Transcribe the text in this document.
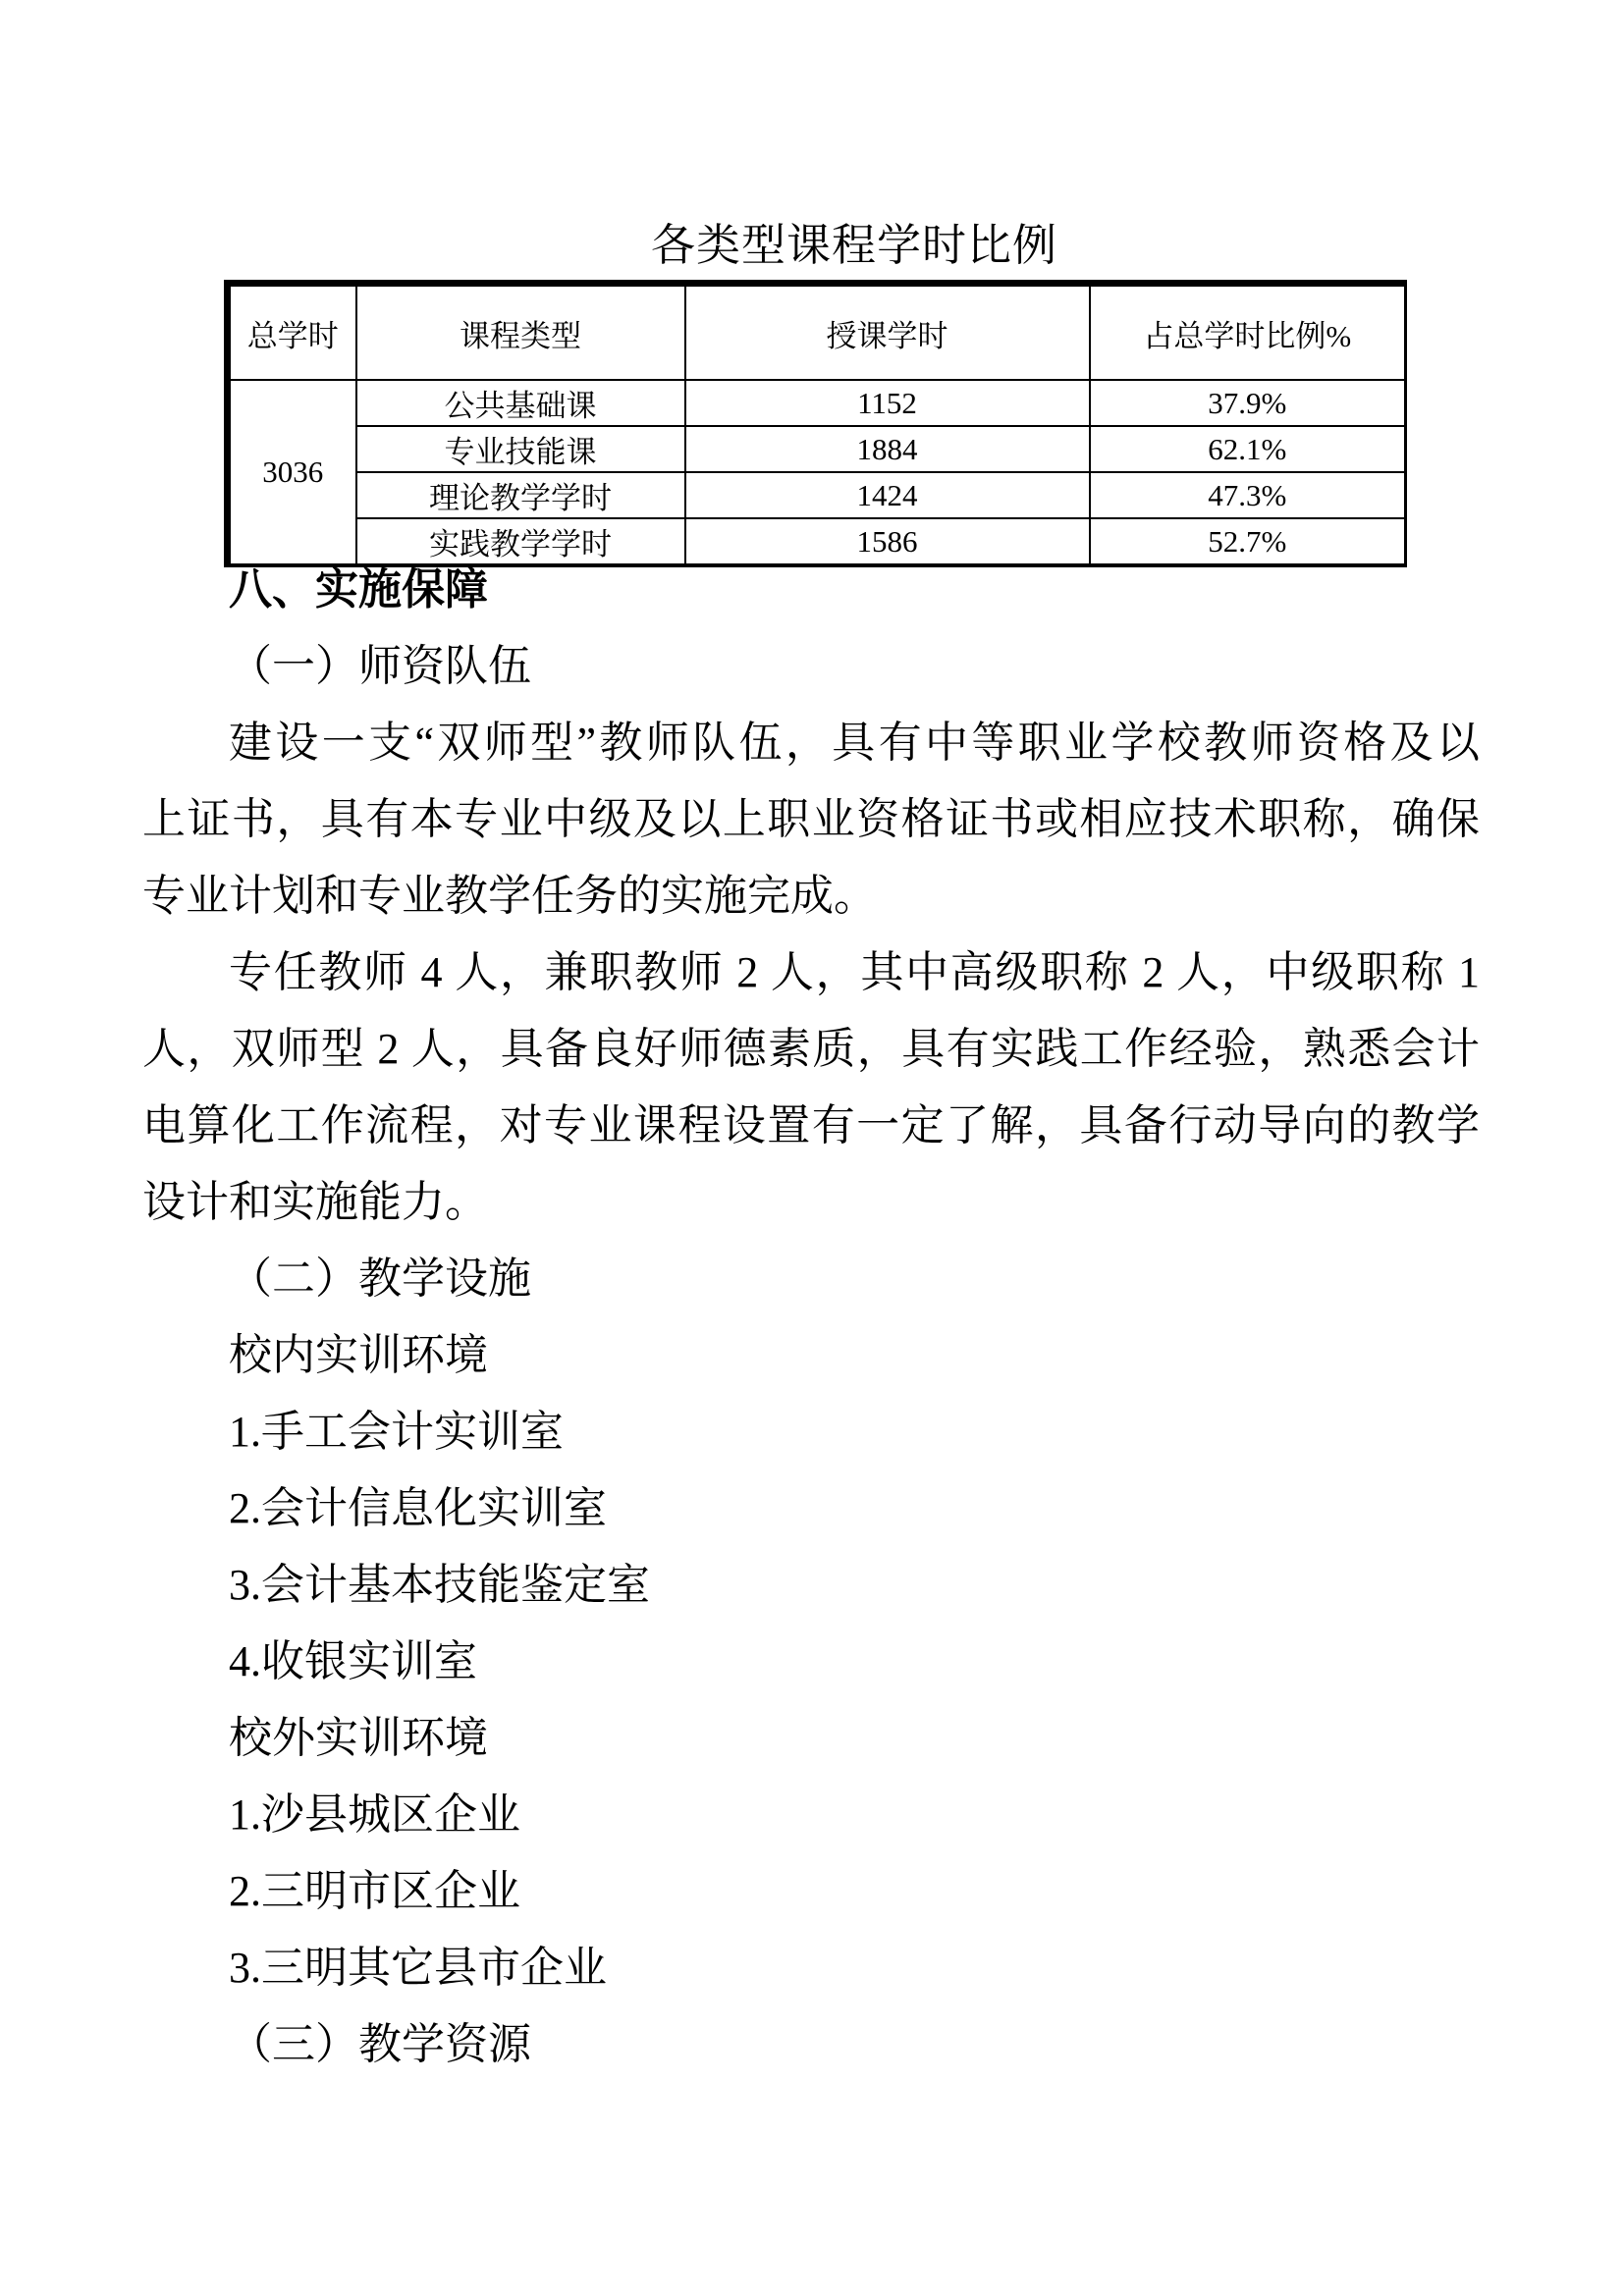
各类型课程学时比例
总学时	课程类型	授课学时	占总学时比例%
3036	公共基础课	1152	37.9%
	专业技能课	1884	62.1%
	理论教学学时	1424	47.3%
	实践教学学时	1586	52.7%
八、实施保障
（一）师资队伍
建设一支“双师型”教师队伍，具有中等职业学校教师资格及以
上证书，具有本专业中级及以上职业资格证书或相应技术职称，确保
专业计划和专业教学任务的实施完成。
专任教师 4 人，兼职教师 2 人，其中高级职称 2 人，中级职称 1
人，双师型 2 人，具备良好师德素质，具有实践工作经验，熟悉会计
电算化工作流程，对专业课程设置有一定了解，具备行动导向的教学
设计和实施能力。
（二）教学设施
校内实训环境
1.手工会计实训室
2.会计信息化实训室
3.会计基本技能鉴定室
4.收银实训室
校外实训环境
1.沙县城区企业
2.三明市区企业
3.三明其它县市企业
（三）教学资源
